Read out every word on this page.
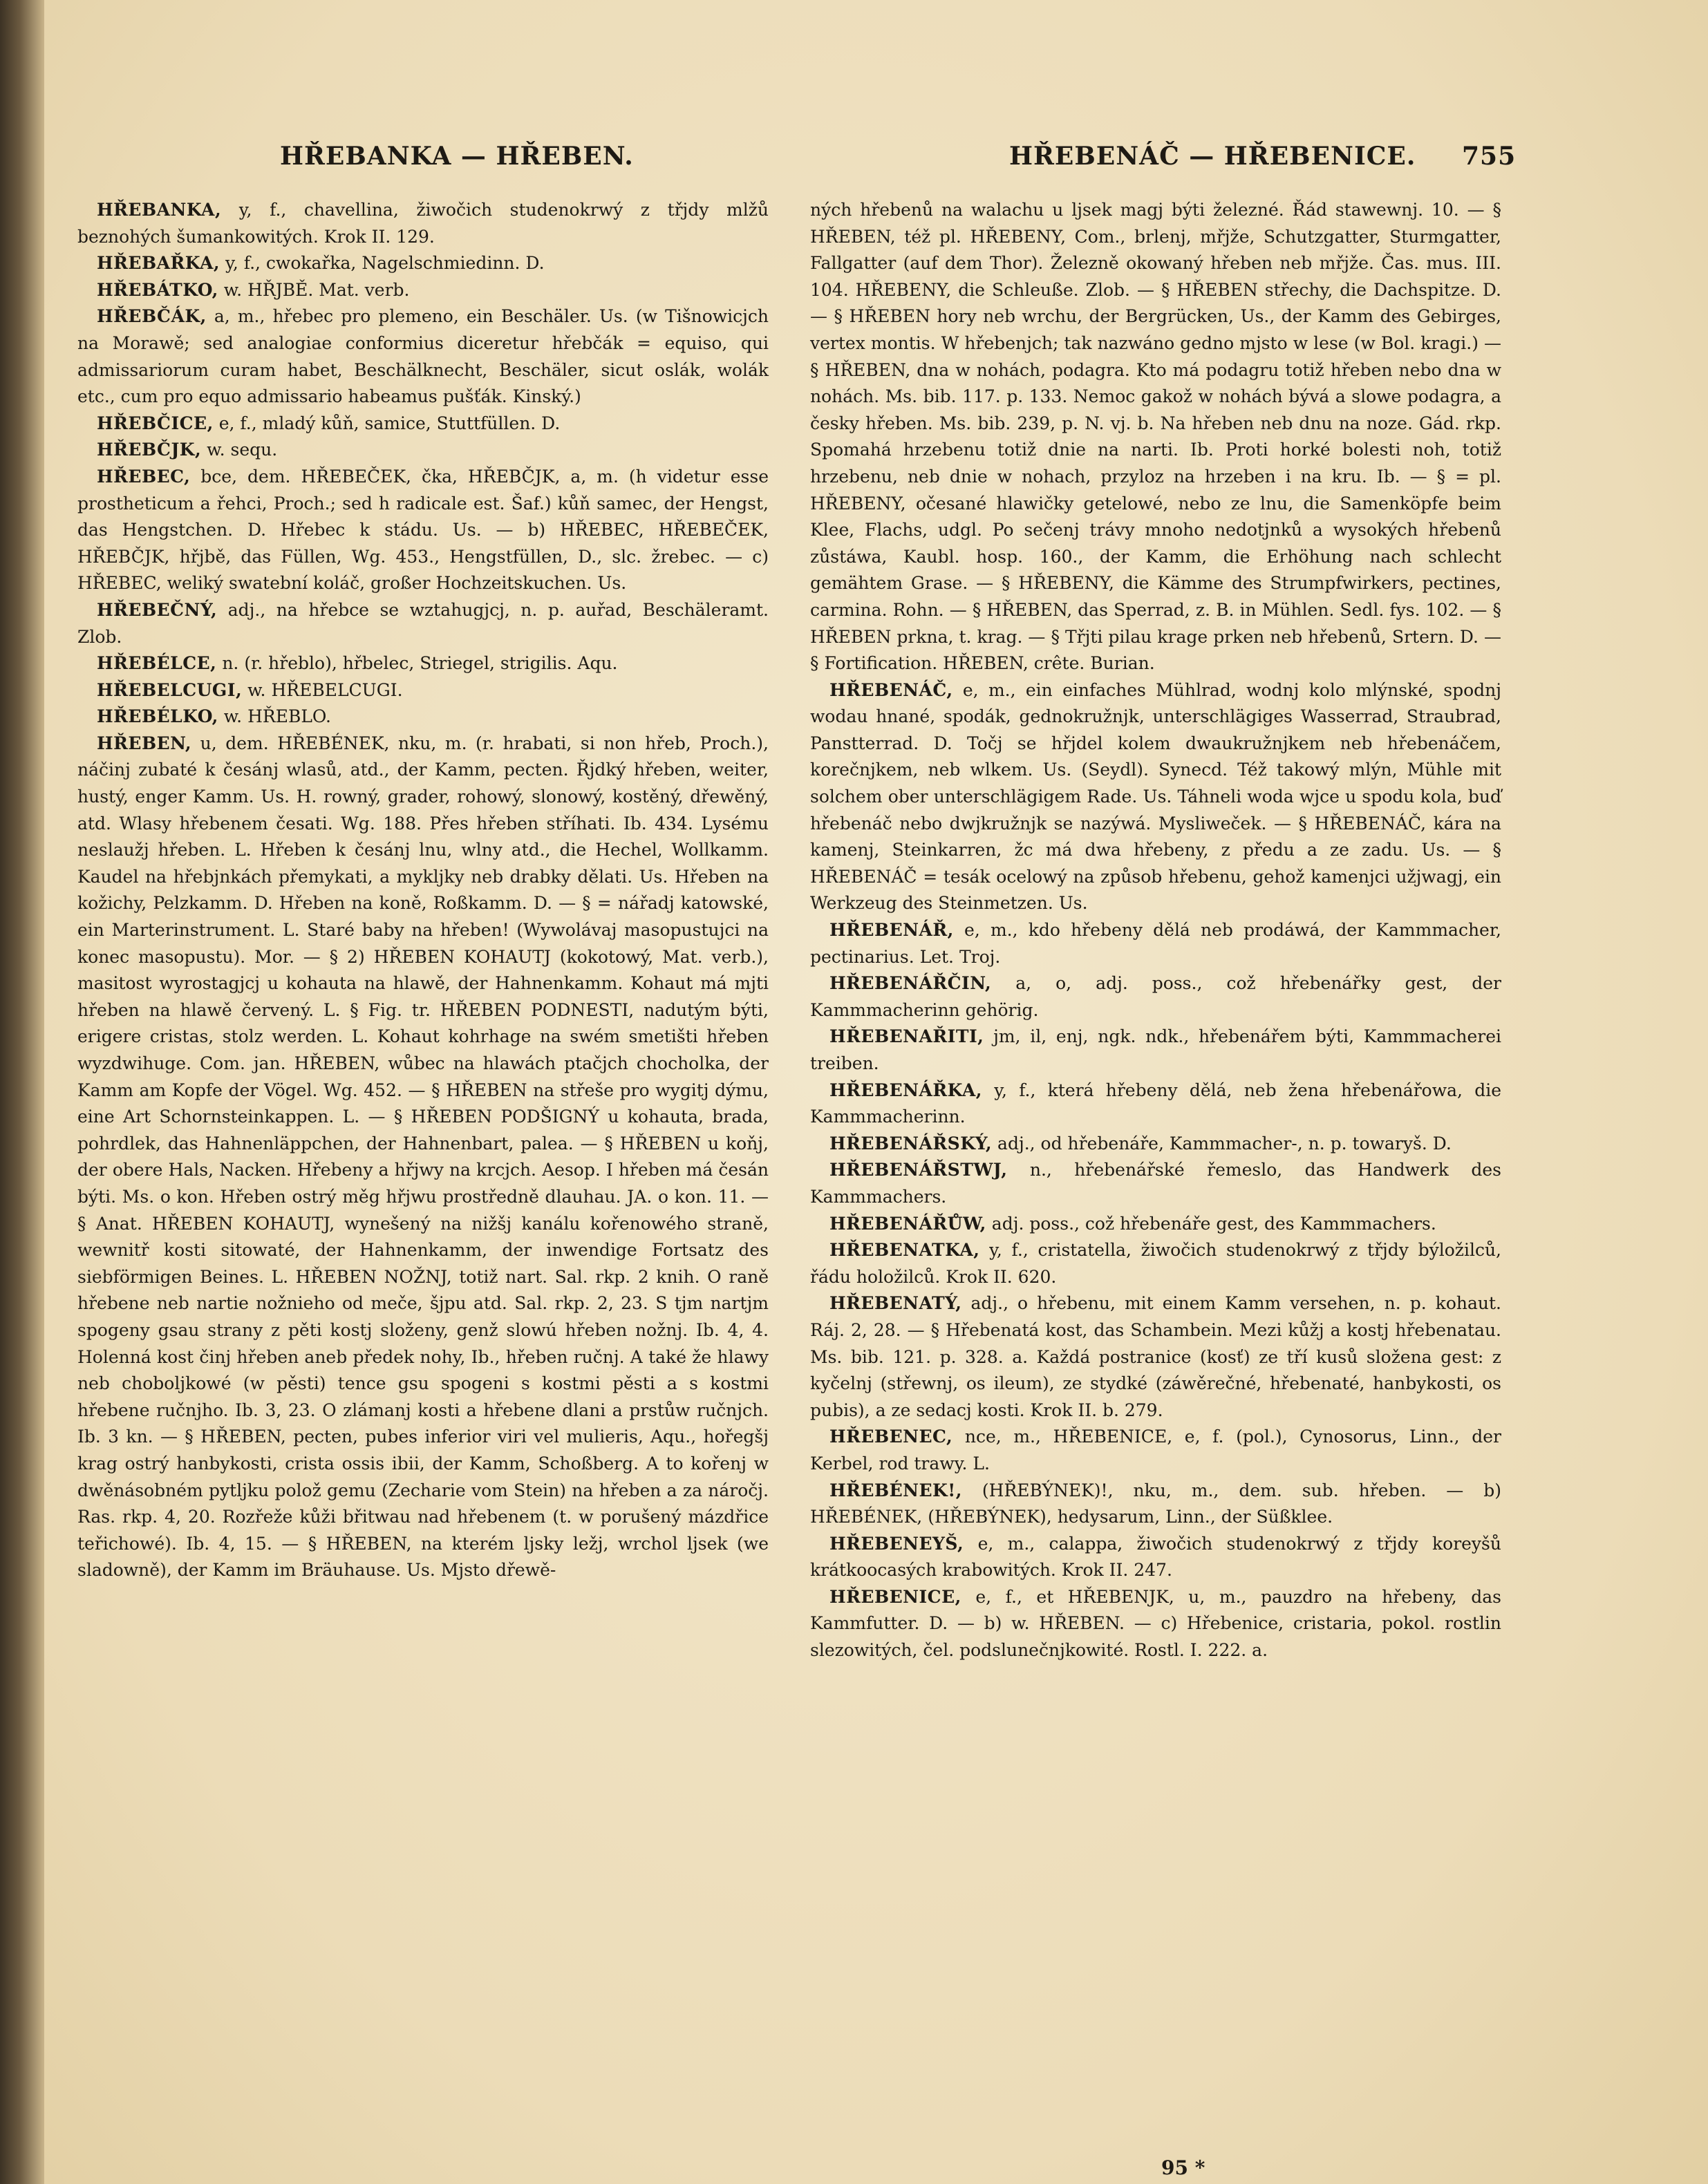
HŘEBANKA — HŘEBEN.	HŘEBENÁČ — HŘEBENICE. 755

HŘEBANKA, y, f., chavellina, žiwočich studenokrwý z třjdy mlžů beznohých šumankowitých. Krok II. 129.

HŘEBAŘKA, y, f., cwokařka, Nagelschmiedinn. D.

HŘEBÁTKO, w. HŘJBĚ. Mat. verb.

HŘEBČÁK, a, m., hřebec pro plemeno, ein Beschäler. Us. (w Tišnowicjch na Morawě; sed analogiae conformius diceretur hřebčák = equiso, qui admissariorum curam habet, Beschälknecht, Beschäler, sicut oslák, wolák etc., cum pro equo admissario habeamus pušťák. Kinský.)

HŘEBČICE, e, f., mladý kůň, samice, Stuttfüllen. D.

HŘEBČJK, w. sequ.

HŘEBEC, bce, dem. HŘEBEČEK, čka, HŘEBČJK, a, m. (h videtur esse prostheticum a řehci, Proch.; sed h radicale est. Šaf.) kůň samec, der Hengst, das Hengstchen. D. Hřebec k stádu. Us. — b) HŘEBEC, HŘEBEČEK, HŘEBČJK, hřjbě, das Füllen, Wg. 453., Hengstfüllen, D., slc. žrebec. — c) HŘEBEC, weliký swatební koláč, großer Hochzeitskuchen. Us.

HŘEBEČNÝ, adj., na hřebce se wztahugjcj, n. p. auřad, Beschäleramt. Zlob.

HŘEBÉLCE, n. (r. hřeblo), hřbelec, Striegel, strigilis. Aqu.

HŘEBELCUGI, w. HŘEBELCUGI.

HŘEBÉLKO, w. HŘEBLO.

HŘEBEN, u, dem. HŘEBÉNEK, nku, m. (r. hrabati, si non hřeb, Proch.), náčinj zubaté k česánj wlasů, atd., der Kamm, pecten. Řjdký hřeben, weiter, hustý, enger Kamm. Us. H. rowný, grader, rohowý, slonowý, kostěný, dřewěný, atd. Wlasy hřebenem česati. Wg. 188. Přes hřeben stříhati. Ib. 434. Lysému neslaužj hřeben. L. Hřeben k česánj lnu, wlny atd., die Hechel, Wollkamm. Kaudel na hřebjnkách přemykati, a mykljky neb drabky dělati. Us. Hřeben na kožichy, Pelzkamm. D. Hřeben na koně, Roßkamm. D. — § = nářadj katowské, ein Marterinstrument. L. Staré baby na hřeben! (Wywolávaj masopustujci na konec masopustu). Mor. — § 2) HŘEBEN KOHAUTJ (kokotowý, Mat. verb.), masitost wyrostagjcj u kohauta na hlawě, der Hahnenkamm. Kohaut má mjti hřeben na hlawě červený. L. § Fig. tr. HŘEBEN PODNESTI, nadutým býti, erigere cristas, stolz werden. L. Kohaut kohrhage na swém smetišti hřeben wyzdwihuge. Com. jan. HŘEBEN, wůbec na hlawách ptačjch chocholka, der Kamm am Kopfe der Vögel. Wg. 452. — § HŘEBEN na střeše pro wygitj dýmu, eine Art Schornsteinkappen. L. — § HŘEBEN PODŠIGNÝ u kohauta, brada, pohrdlek, das Hahnenläppchen, der Hahnenbart, palea. — § HŘEBEN u koňj, der obere Hals, Nacken. Hřebeny a hřjwy na krcjch. Aesop. I hřeben má česán býti. Ms. o kon. Hřeben ostrý měg hřjwu prostředně dlauhau. JA. o kon. 11. — § Anat. HŘEBEN KOHAUTJ, wynešený na nižšj kanálu kořenowého straně, wewnitř kosti sitowaté, der Hahnenkamm, der inwendige Fortsatz des siebförmigen Beines. L. HŘEBEN NOŽNJ, totiž nart. Sal. rkp. 2 knih. O raně hřebene neb nartie nožnieho od meče, šjpu atd. Sal. rkp. 2, 23. S tjm nartjm spogeny gsau strany z pěti kostj složeny, genž slowú hřeben nožnj. Ib. 4, 4. Holenná kost činj hřeben aneb předek nohy, Ib., hřeben ručnj. A také že hlawy neb choboljkowé (w pěsti) tence gsu spogeni s kostmi pěsti a s kostmi hřebene ručnjho. Ib. 3, 23. O zlámanj kosti a hřebene dlani a prstůw ručnjch. Ib. 3 kn. — § HŘEBEN, pecten, pubes inferior viri vel mulieris, Aqu., hořegšj krag ostrý hanbykosti, crista ossis ibii, der Kamm, Schoßberg. A to kořenj w dwěnásobném pytljku polož gemu (Zecharie vom Stein) na hřeben a za náročj. Ras. rkp. 4, 20. Rozřeže kůži břitwau nad hřebenem (t. w porušený mázdřice teřichowé). Ib. 4, 15. — § HŘEBEN, na kterém ljsky ležj, wrchol ljsek (we sladowně), der Kamm im Bräuhause. Us. Mjsto dřewě-

ných hřebenů na walachu u ljsek magj býti železné. Řád stawewnj. 10. — § HŘEBEN, též pl. HŘEBENY, Com., brlenj, mřjže, Schutzgatter, Sturmgatter, Fallgatter (auf dem Thor). Železně okowaný hřeben neb mřjže. Čas. mus. III. 104. HŘEBENY, die Schleuße. Zlob. — § HŘEBEN střechy, die Dachspitze. D. — § HŘEBEN hory neb wrchu, der Bergrücken, Us., der Kamm des Gebirges, vertex montis. W hřebenjch; tak nazwáno gedno mjsto w lese (w Bol. kragi.) — § HŘEBEN, dna w nohách, podagra. Kto má podagru totiž hřeben nebo dna w nohách. Ms. bib. 117. p. 133. Nemoc gakož w nohách bývá a slowe podagra, a česky hřeben. Ms. bib. 239, p. N. vj. b. Na hřeben neb dnu na noze. Gád. rkp. Spomahá hrzebenu totiž dnie na narti. Ib. Proti horké bolesti noh, totiž hrzebenu, neb dnie w nohach, przyloz na hrzeben i na kru. Ib. — § = pl. HŘEBENY, očesané hlawičky getelowé, nebo ze lnu, die Samenköpfe beim Klee, Flachs, udgl. Po sečenj trávy mnoho nedotjnků a wysokých hřebenů zůstáwa, Kaubl. hosp. 160., der Kamm, die Erhöhung nach schlecht gemähtem Grase. — § HŘEBENY, die Kämme des Strumpfwirkers, pectines, carmina. Rohn. — § HŘEBEN, das Sperrad, z. B. in Mühlen. Sedl. fys. 102. — § HŘEBEN prkna, t. krag. — § Třjti pilau krage prken neb hřebenů, Srtern. D. — § Fortification. HŘEBEN, crête. Burian.

HŘEBENÁČ, e, m., ein einfaches Mühlrad, wodnj kolo mlýnské, spodnj wodau hnané, spodák, gednokružnjk, unterschlägiges Wasserrad, Straubrad, Panstterrad. D. Točj se hřjdel kolem dwaukružnjkem neb hřebenáčem, korečnjkem, neb wlkem. Us. (Seydl). Synecd. Též takowý mlýn, Mühle mit solchem ober unterschlägigem Rade. Us. Táhneli woda wjce u spodu kola, buď hřebenáč nebo dwjkružnjk se nazýwá. Mysliweček. — § HŘEBENÁČ, kára na kamenj, Steinkarren, žc má dwa hřebeny, z předu a ze zadu. Us. — § HŘEBENÁČ = tesák ocelowý na způsob hřebenu, gehož kamenjci užjwagj, ein Werkzeug des Steinmetzen. Us.

HŘEBENÁŘ, e, m., kdo hřebeny dělá neb prodáwá, der Kammmacher, pectinarius. Let. Troj.

HŘEBENÁŘČIN, a, o, adj. poss., což hřebenářky gest, der Kammmacherinn gehörig.

HŘEBENAŘITI, jm, il, enj, ngk. ndk., hřebenářem býti, Kammmacherei treiben.

HŘEBENÁŘKA, y, f., která hřebeny dělá, neb žena hřebenářowa, die Kammmacherinn.

HŘEBENÁŘSKÝ, adj., od hřebenáře, Kammmacher-, n. p. towaryš. D.

HŘEBENÁŘSTWJ, n., hřebenářské řemeslo, das Handwerk des Kammmachers.

HŘEBENÁŘŮW, adj. poss., což hřebenáře gest, des Kammmachers.

HŘEBENATKA, y, f., cristatella, žiwočich studenokrwý z třjdy býložilců, řádu holožilců. Krok II. 620.

HŘEBENATÝ, adj., o hřebenu, mit einem Kamm versehen, n. p. kohaut. Ráj. 2, 28. — § Hřebenatá kost, das Schambein. Mezi kůžj a kostj hřebenatau. Ms. bib. 121. p. 328. a. Každá postranice (kosť) ze tří kusů složena gest: z kyčelnj (střewnj, os ileum), ze stydké (záwěrečné, hřebenaté, hanbykosti, os pubis), a ze sedacj kosti. Krok II. b. 279.

HŘEBENEC, nce, m., HŘEBENICE, e, f. (pol.), Cynosorus, Linn., der Kerbel, rod trawy. L.

HŘEBÉNEK!, (HŘEBÝNEK)!, nku, m., dem. sub. hřeben. — b) HŘEBÉNEK, (HŘEBÝNEK), hedysarum, Linn., der Süßklee.

HŘEBENEYŠ, e, m., calappa, žiwočich studenokrwý z třjdy koreyšů krátkoocasých krabowitých. Krok II. 247.

HŘEBENICE, e, f., et HŘEBENJK, u, m., pauzdro na hřebeny, das Kammfutter. D. — b) w. HŘEBEN. — c) Hřebenice, cristaria, pokol. rostlin slezowitých, čel. podslunečnjkowité. Rostl. I. 222. a.

95 *
